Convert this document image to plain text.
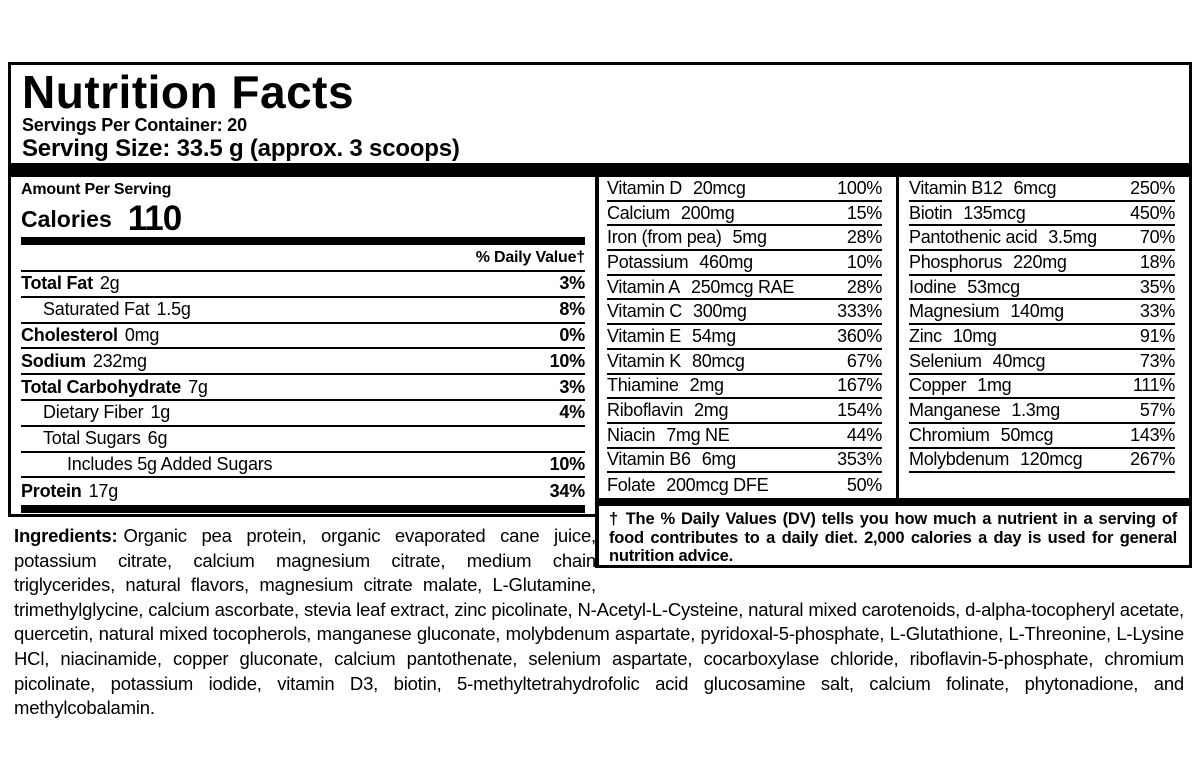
Nutrition Facts
Servings Per Container: 20
Serving Size: 33.5 g (approx. 3 scoops)
Amount Per Serving
Calories 110
% Daily Value†
Total Fat 2g	3%
Saturated Fat 1.5g	8%
Cholesterol 0mg	0%
Sodium 232mg	10%
Total Carbohydrate 7g	3%
Dietary Fiber 1g	4%
Total Sugars 6g
Includes 5g Added Sugars	10%
Protein 17g	34%
Vitamin D 20mcg	100%
Calcium 200mg	15%
Iron (from pea) 5mg	28%
Potassium 460mg	10%
Vitamin A 250mcg RAE	28%
Vitamin C 300mg	333%
Vitamin E 54mg	360%
Vitamin K 80mcg	67%
Thiamine 2mg	167%
Riboflavin 2mg	154%
Niacin 7mg NE	44%
Vitamin B6 6mg	353%
Folate 200mcg DFE	50%
Vitamin B12 6mcg	250%
Biotin 135mcg	450%
Pantothenic acid 3.5mg 70%
Phosphorus 220mg	18%
Iodine 53mcg	35%
Magnesium 140mg	33%
Zinc 10mg	91%
Selenium 40mcg	73%
Copper 1mg	111%
Manganese 1.3mg	57%
Chromium 50mcg	143%
Molybdenum 120mcg	267%
† The % Daily Values (DV) tells you how much a nutrient in a serving of food contributes to a daily diet. 2,000 calories a day is used for general nutrition advice.
Ingredients: Organic pea protein, organic evaporated cane juice, potassium citrate, calcium magnesium citrate, medium chain triglycerides, natural flavors, magnesium citrate malate, L-Glutamine, trimethylglycine, calcium ascorbate, stevia leaf extract, zinc picolinate, N-Acetyl-L-Cysteine, natural mixed carotenoids, d-alpha-tocopheryl acetate, quercetin, natural mixed tocopherols, manganese gluconate, molybdenum aspartate, pyridoxal-5-phosphate, L-Glutathione, L-Threonine, L-Lysine HCl, niacinamide, copper gluconate, calcium pantothenate, selenium aspartate, cocarboxylase chloride, riboflavin-5-phosphate, chromium picolinate, potassium iodide, vitamin D3, biotin, 5-methyltetrahydrofolic acid glucosamine salt, calcium folinate, phytonadione, and methylcobalamin.
